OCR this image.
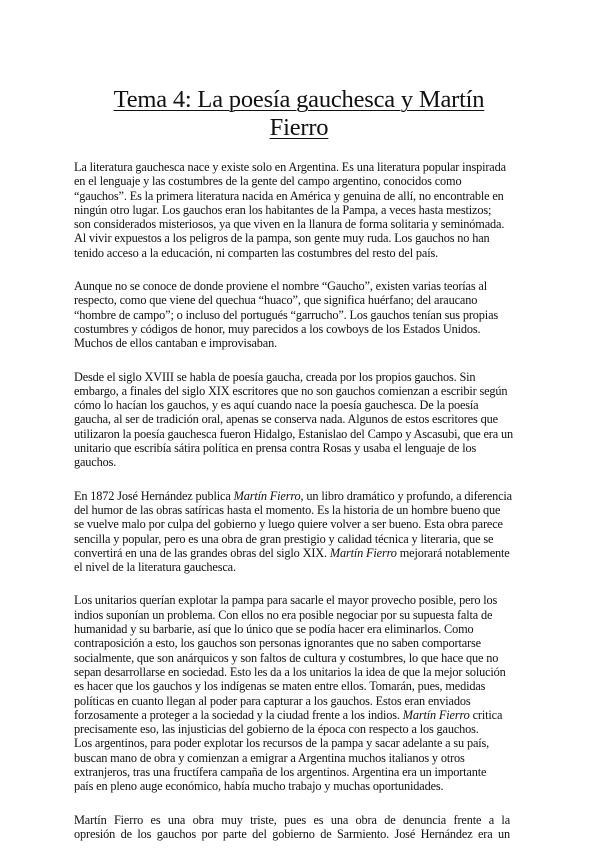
Tema 4: La poesía gauchesca y Martín Fierro
La literatura gauchesca nace y existe solo en Argentina. Es una literatura popular inspirada
en el lenguaje y las costumbres de la gente del campo argentino, conocidos como
“gauchos”. Es la primera literatura nacida en América y genuina de allí, no encontrable en
ningún otro lugar. Los gauchos eran los habitantes de la Pampa, a veces hasta mestizos;
son considerados misteriosos, ya que viven en la llanura de forma solitaria y seminómada.
Al vivir expuestos a los peligros de la pampa, son gente muy ruda. Los gauchos no han
tenido acceso a la educación, ni comparten las costumbres del resto del país.
Aunque no se conoce de donde proviene el nombre “Gaucho”, existen varias teorías al
respecto, como que viene del quechua “huaco”, que significa huérfano; del araucano
“hombre de campo”; o incluso del portugués “garrucho”. Los gauchos tenían sus propias
costumbres y códigos de honor, muy parecidos a los cowboys de los Estados Unidos.
Muchos de ellos cantaban e improvisaban.
Desde el siglo XVIII se habla de poesía gaucha, creada por los propios gauchos. Sin
embargo, a finales del siglo XIX escritores que no son gauchos comienzan a escribir según
cómo lo hacían los gauchos, y es aquí cuando nace la poesía gauchesca. De la poesía
gaucha, al ser de tradición oral, apenas se conserva nada. Algunos de estos escritores que
utilizaron la poesía gauchesca fueron Hidalgo, Estanislao del Campo y Ascasubi, que era un
unitario que escribía sátira política en prensa contra Rosas y usaba el lenguaje de los
gauchos.
En 1872 José Hernández publica Martín Fierro, un libro dramático y profundo, a diferencia
del humor de las obras satíricas hasta el momento. Es la historia de un hombre bueno que
se vuelve malo por culpa del gobierno y luego quiere volver a ser bueno. Esta obra parece
sencilla y popular, pero es una obra de gran prestigio y calidad técnica y literaria, que se
convertirá en una de las grandes obras del siglo XIX. Martín Fierro mejorará notablemente
el nivel de la literatura gauchesca.
Los unitarios querían explotar la pampa para sacarle el mayor provecho posible, pero los
indios suponían un problema. Con ellos no era posible negociar por su supuesta falta de
humanidad y su barbarie, así que lo único que se podía hacer era eliminarlos. Como
contraposición a esto, los gauchos son personas ignorantes que no saben comportarse
socialmente, que son anárquicos y son faltos de cultura y costumbres, lo que hace que no
sepan desarrollarse en sociedad. Esto les da a los unitarios la idea de que la mejor solución
es hacer que los gauchos y los indígenas se maten entre ellos. Tomarán, pues, medidas
políticas en cuanto llegan al poder para capturar a los gauchos. Estos eran enviados
forzosamente a proteger a la sociedad y la ciudad frente a los indios. Martín Fierro critica
precisamente eso, las injusticias del gobierno de la época con respecto a los gauchos.
Los argentinos, para poder explotar los recursos de la pampa y sacar adelante a su país,
buscan mano de obra y comienzan a emigrar a Argentina muchos italianos y otros
extranjeros, tras una fructífera campaña de los argentinos. Argentina era un importante
país en pleno auge económico, había mucho trabajo y muchas oportunidades.
Martín Fierro es una obra muy triste, pues es una obra de denuncia frente a la
opresión de los gauchos por parte del gobierno de Sarmiento. José Hernández era un
